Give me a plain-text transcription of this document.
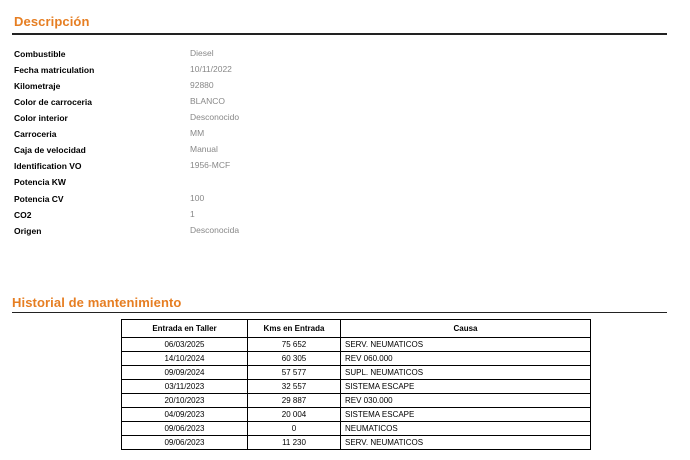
Descripción
Combustible	Diesel
Fecha matriculation	10/11/2022
Kilometraje	92880
Color de carroceria	BLANCO
Color interior	Desconocido
Carroceria	MM
Caja de velocidad	Manual
Identification VO	1956-MCF
Potencia KW
Potencia CV	100
CO2	1
Origen	Desconocida
Historial de mantenimiento
Entrada en Taller	Kms en Entrada	Causa
06/03/2025	75 652	SERV. NEUMATICOS
14/10/2024	60 305	REV 060.000
09/09/2024	57 577	SUPL. NEUMATICOS
03/11/2023	32 557	SISTEMA ESCAPE
20/10/2023	29 887	REV 030.000
04/09/2023	20 004	SISTEMA ESCAPE
09/06/2023	0	NEUMATICOS
09/06/2023	11 230	SERV. NEUMATICOS
